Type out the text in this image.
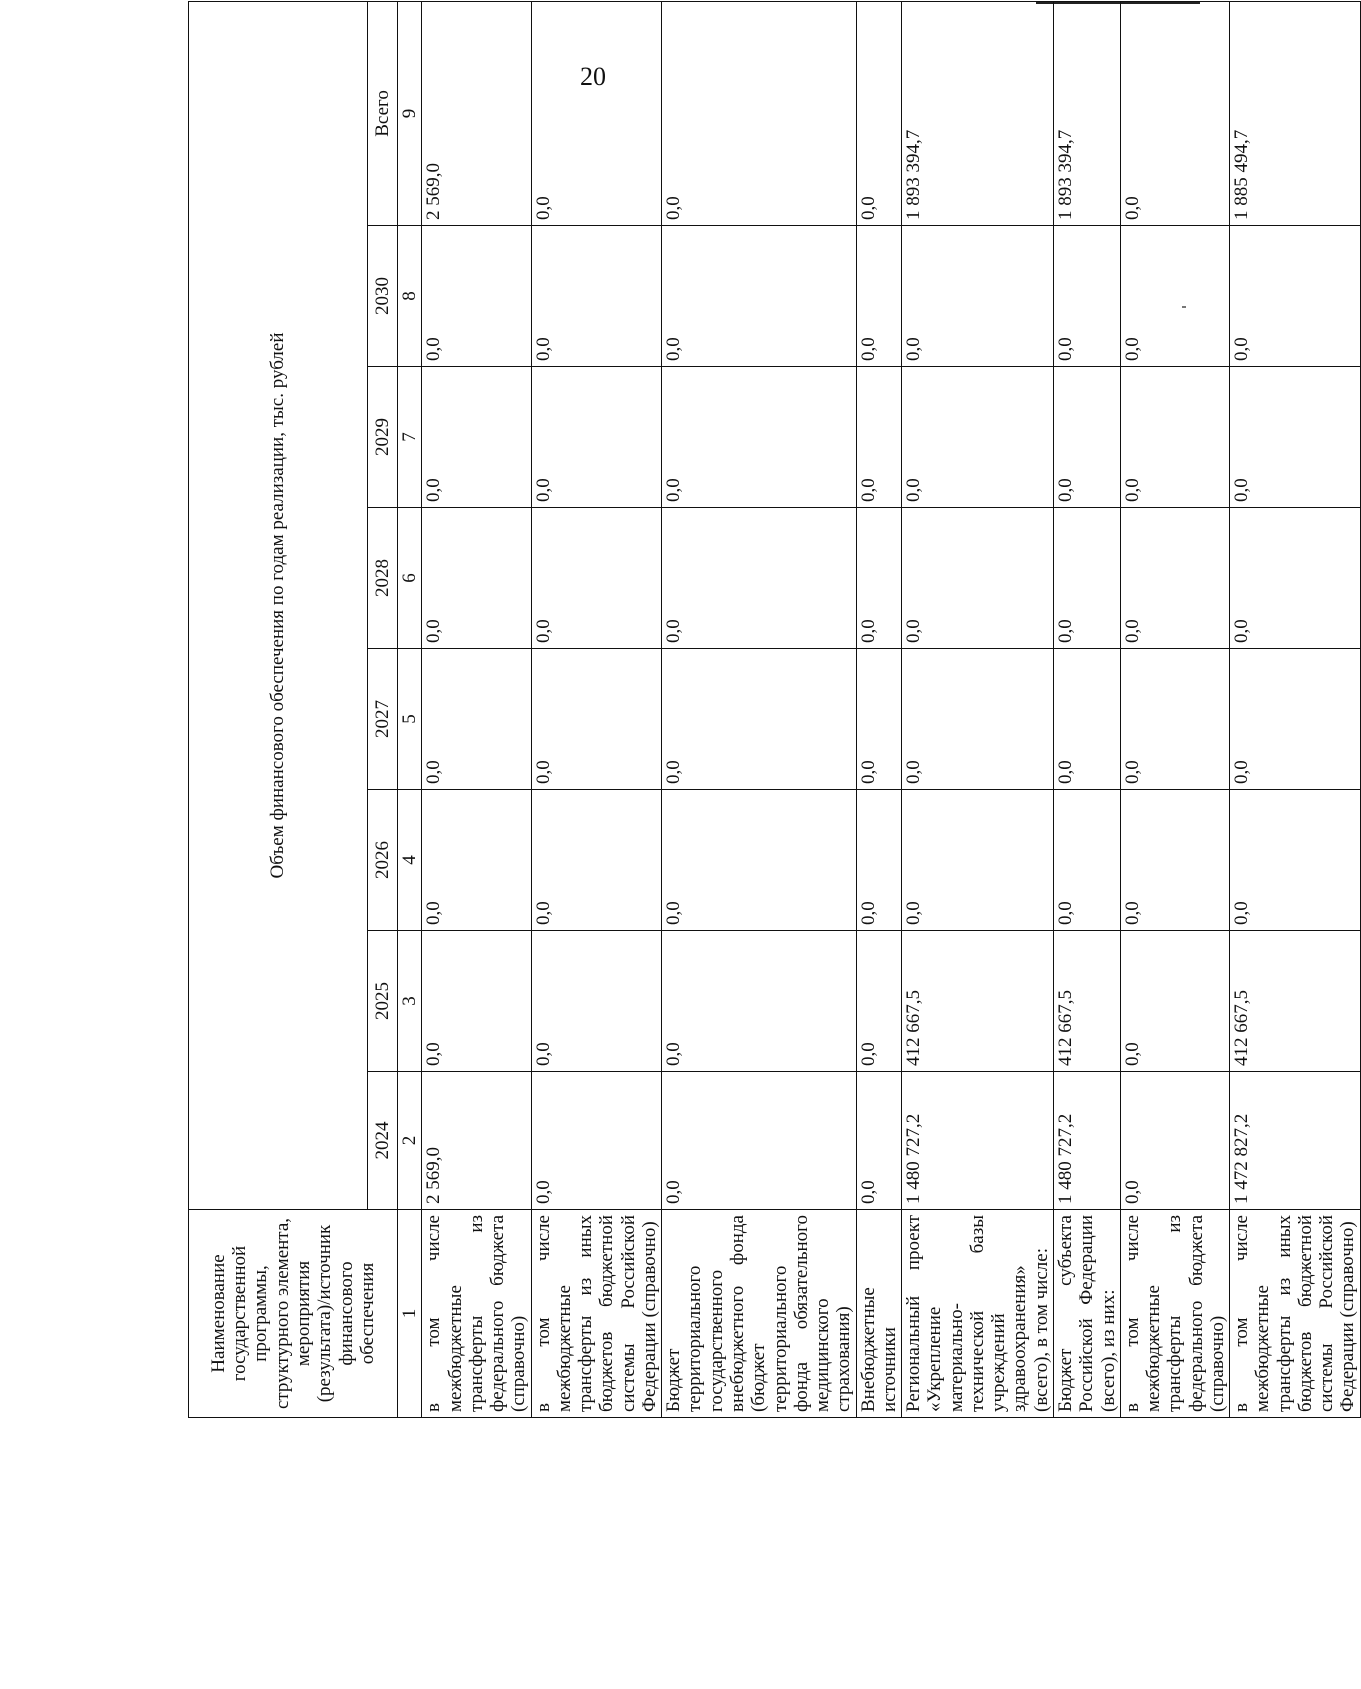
20
Наименование государственной программы, структурного элемента, мероприятия (результата)/источник финансового обеспечения	Объем финансового обеспечения по годам реализации, тыс. рублей							
	2024	2025	2026	2027	2028	2029	2030	Всего
1	2	3	4	5	6	7	8	9
в том числе межбюджетные трансферты из федерального бюджета (справочно)	2 569,0	0,0	0,0	0,0	0,0	0,0	0,0	2 569,0
в том числе межбюджетные трансферты из иных бюджетов бюджетной системы Российской Федерации (справочно)	0,0	0,0	0,0	0,0	0,0	0,0	0,0	0,0
Бюджет территориального государственного внебюджетного фонда (бюджет территориального фонда обязательного медицинского страхования)	0,0	0,0	0,0	0,0	0,0	0,0	0,0	0,0
Внебюджетные источники	0,0	0,0	0,0	0,0	0,0	0,0	0,0	0,0
Региональный проект «Укрепление материально-технической базы учреждений здравоохранения» (всего), в том числе:	1 480 727,2	412 667,5	0,0	0,0	0,0	0,0	0,0	1 893 394,7
Бюджет субъекта Российской Федерации (всего), из них:	1 480 727,2	412 667,5	0,0	0,0	0,0	0,0	0,0	1 893 394,7
в том числе межбюджетные трансферты из федерального бюджета (справочно)	0,0	0,0	0,0	0,0	0,0	0,0	0,0	0,0
в том числе межбюджетные трансферты из иных бюджетов бюджетной системы Российской Федерации (справочно)	1 472 827,2	412 667,5	0,0	0,0	0,0	0,0	0,0	1 885 494,7
